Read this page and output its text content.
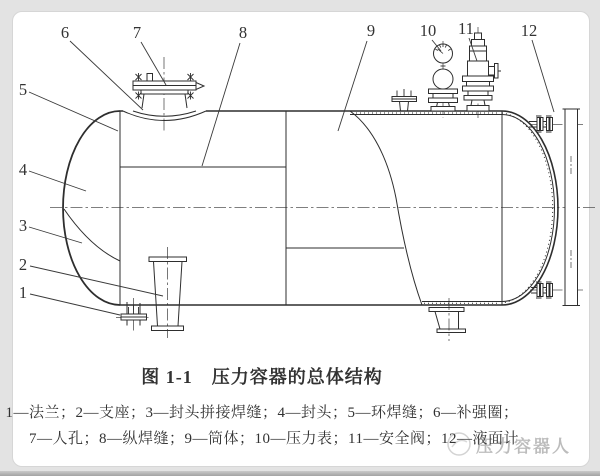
1
2
3
4
5
6	7	8	9	10 11	12
图 1-1　压力容器的总体结构
1—法兰；2—支座；3—封头拼接焊缝；4—封头；5—环焊缝；6—补强圈；
7—人孔；8—纵焊缝；9—筒体；10—压力表；11—安全阀；12—液面计
压力容器人
